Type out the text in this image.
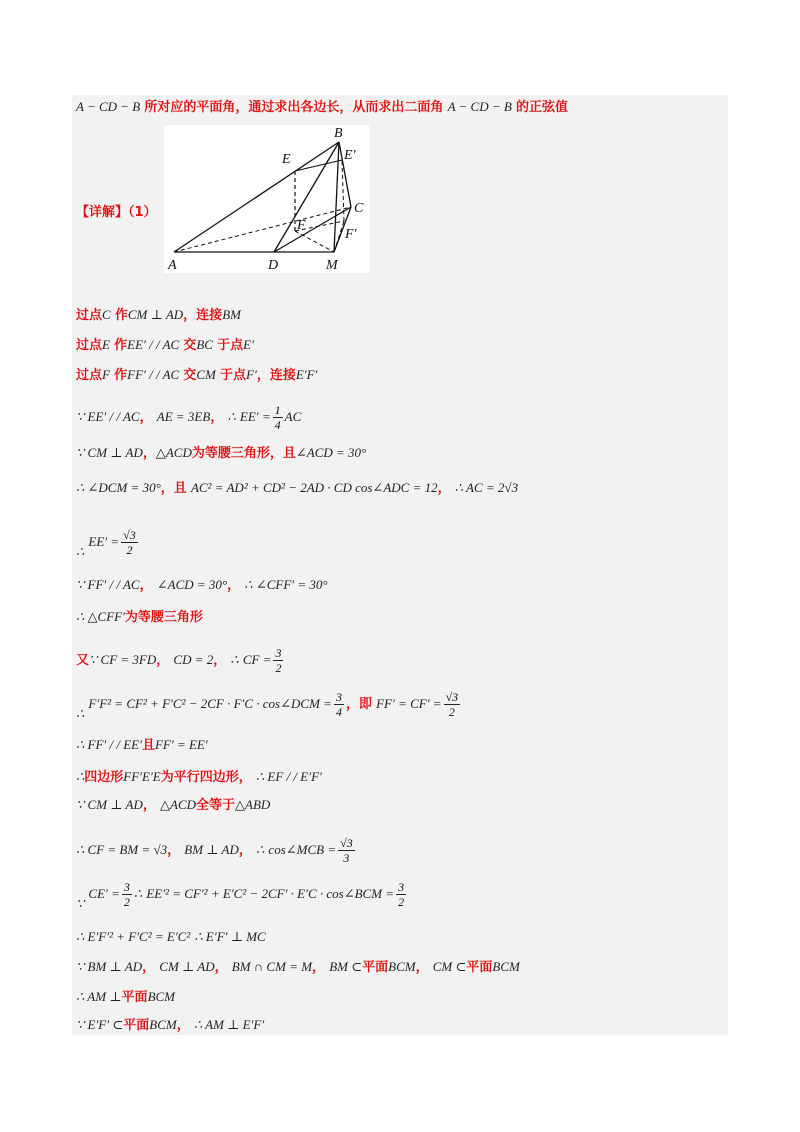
A − CD − B 所对应的平面角，通过求出各边长，从而求出二面角 A − CD − B 的正弦值
B
E	E′
C
F
F′
A	D	M
【详解】（1）
过点C 作CM ⊥ AD，连接BM
过点E 作EE′ / / AC 交BC 于点E′
过点F 作FF′ / / AC 交CM 于点F′，连接E′F′
∵ EE′ / / AC， AE = 3EB， ∴ $EE' = \frac{1}{4}$ AC
∵ CM ⊥ AD，△ACD为等腰三角形，且∠ACD = 30°
∴ ∠DCM = 30°，且 AC² = AD² + CD² − 2AD · CD cos∠ADC = 12， ∴ AC = 2√3
∴ $EE' = \frac{√3}{2}$
∵ FF′ / / AC， ∠ACD = 30°， ∴ ∠CFF′ = 30°
∴ △CFF′为等腰三角形
又∵ CF = 3FD， CD = 2， ∴ CF = $\frac{3}{2}$
∴ F′F² = CF² + F′C² − 2CF · F′C · cos∠DCM = $\frac{3}{4}$ ，即 $FF' = CF' = \frac{√3}{2}$
∴ FF′ / / EE′且FF′ = EE′
∴四边形FF′E′E为平行四边形， ∴ EF / / E′F′
∵ CM ⊥ AD， △ACD全等于△ABD
∴ CF = BM = √3， BM ⊥ AD， ∴ cos∠MCB = $\frac{√3}{3}$
∵ $CE' = \frac{3}{2}$ ∴ EE′² = CF′² + E′C² − 2CF′ · E′C · cos∠BCM = $\frac{3}{2}$
∴ E′F′² + F′C² = E′C² ∴ E′F′ ⊥ MC
∵ BM ⊥ AD， CM ⊥ AD， BM ∩ CM = M， BM ⊂平面BCM， CM ⊂平面BCM
∴ AM ⊥平面BCM
∵ E′F′ ⊂平面BCM， ∴ AM ⊥ E′F′
